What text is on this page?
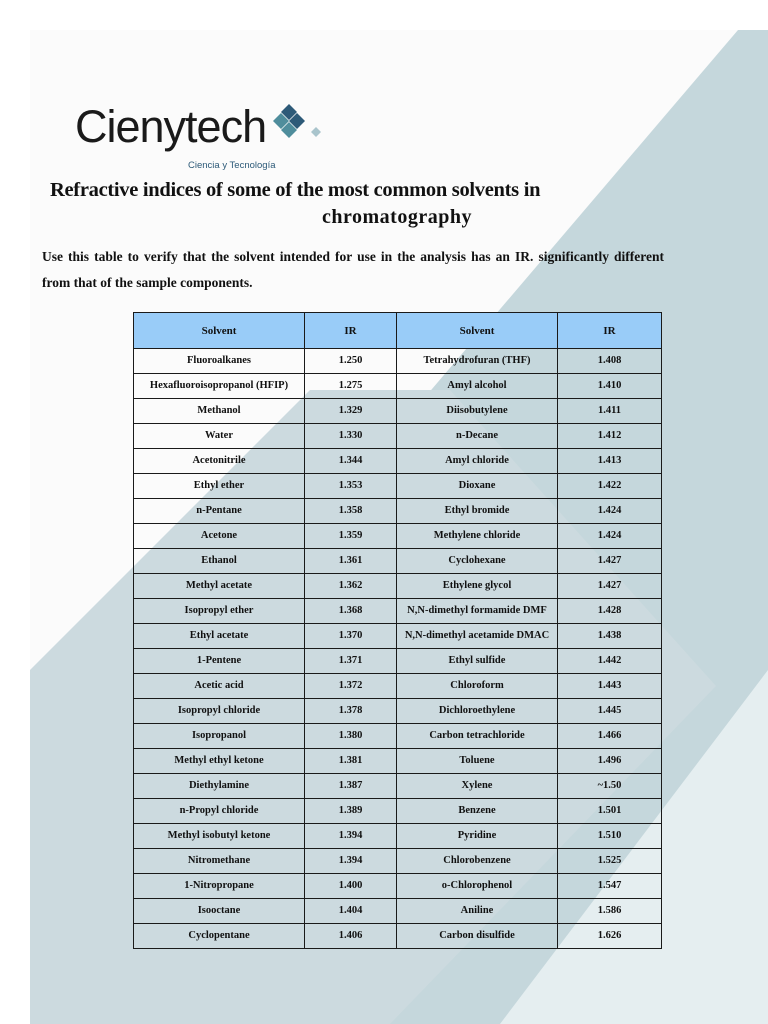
Cienytech
Ciencia y Tecnología
Refractive indices of some of the most common solvents in
chromatography

Use this table to verify that the solvent intended for use in the analysis has an IR. significantly different from that of the sample components.

Solvent	IR	Solvent	IR
Fluoroalkanes	1.250	Tetrahydrofuran (THF)	1.408
Hexafluoroisopropanol (HFIP)	1.275	Amyl alcohol	1.410
Methanol	1.329	Diisobutylene	1.411
Water	1.330	n-Decane	1.412
Acetonitrile	1.344	Amyl chloride	1.413
Ethyl ether	1.353	Dioxane	1.422
n-Pentane	1.358	Ethyl bromide	1.424
Acetone	1.359	Methylene chloride	1.424
Ethanol	1.361	Cyclohexane	1.427
Methyl acetate	1.362	Ethylene glycol	1.427
Isopropyl ether	1.368	N,N-dimethyl formamide DMF	1.428
Ethyl acetate	1.370	N,N-dimethyl acetamide DMAC	1.438
1-Pentene	1.371	Ethyl sulfide	1.442
Acetic acid	1.372	Chloroform	1.443
Isopropyl chloride	1.378	Dichloroethylene	1.445
Isopropanol	1.380	Carbon tetrachloride	1.466
Methyl ethyl ketone	1.381	Toluene	1.496
Diethylamine	1.387	Xylene	~1.50
n-Propyl chloride	1.389	Benzene	1.501
Methyl isobutyl ketone	1.394	Pyridine	1.510
Nitromethane	1.394	Chlorobenzene	1.525
1-Nitropropane	1.400	o-Chlorophenol	1.547
Isooctane	1.404	Aniline	1.586
Cyclopentane	1.406	Carbon disulfide	1.626
